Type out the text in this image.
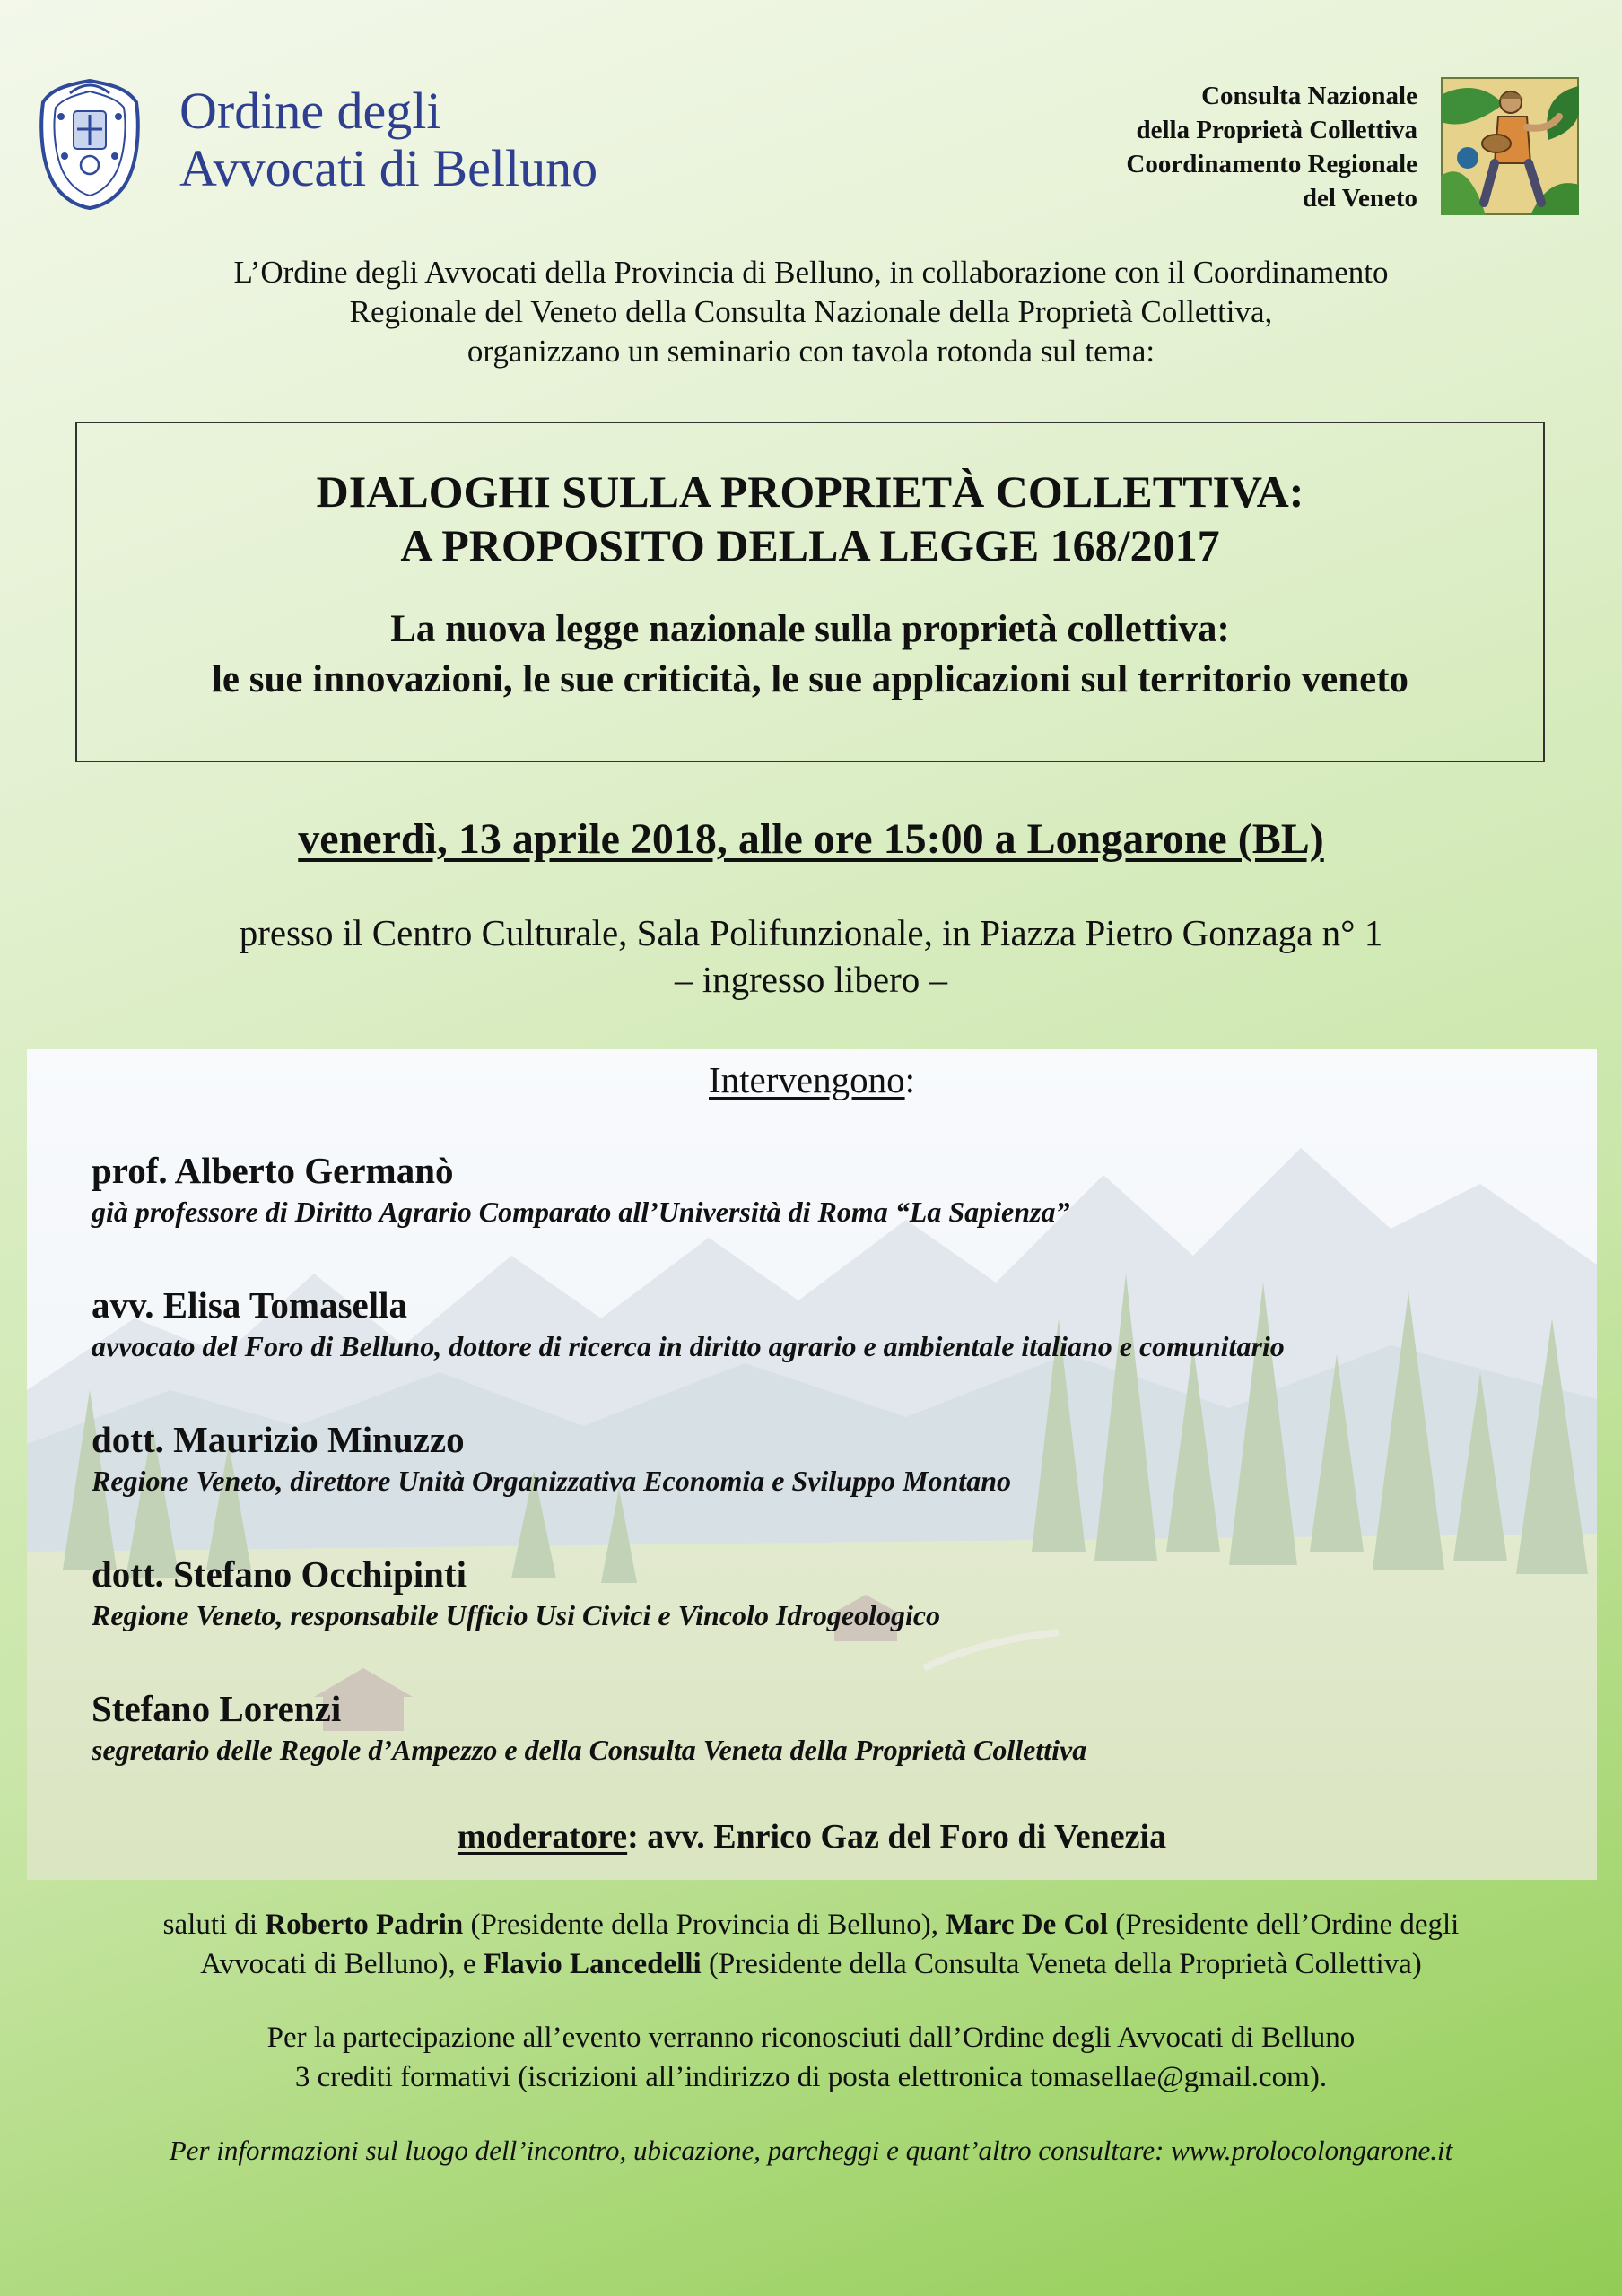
Ordine degli
Avvocati di Belluno
Consulta Nazionale
della Proprietà Collettiva
Coordinamento Regionale
del Veneto
L’Ordine degli Avvocati della Provincia di Belluno, in collaborazione con il Coordinamento
Regionale del Veneto della Consulta Nazionale della Proprietà Collettiva,
organizzano un seminario con tavola rotonda sul tema:
DIALOGHI SULLA PROPRIETÀ COLLETTIVA:
A PROPOSITO DELLA LEGGE 168/2017
La nuova legge nazionale sulla proprietà collettiva:
le sue innovazioni, le sue criticità, le sue applicazioni sul territorio veneto
venerdì, 13 aprile 2018, alle ore 15:00 a Longarone (BL)
presso il Centro Culturale, Sala Polifunzionale, in Piazza Pietro Gonzaga n° 1
– ingresso libero –
Intervengono:
prof. Alberto Germanò
già professore di Diritto Agrario Comparato all’Università di Roma “La Sapienza”
avv. Elisa Tomasella
avvocato del Foro di Belluno, dottore di ricerca in diritto agrario e ambientale italiano e comunitario
dott. Maurizio Minuzzo
Regione Veneto, direttore Unità Organizzativa Economia e Sviluppo Montano
dott. Stefano Occhipinti
Regione Veneto, responsabile Ufficio Usi Civici e Vincolo Idrogeologico
Stefano Lorenzi
segretario delle Regole d’Ampezzo e della Consulta Veneta della Proprietà Collettiva
moderatore: avv. Enrico Gaz del Foro di Venezia
saluti di Roberto Padrin (Presidente della Provincia di Belluno), Marc De Col (Presidente dell’Ordine degli
Avvocati di Belluno), e Flavio Lancedelli (Presidente della Consulta Veneta della Proprietà Collettiva)
Per la partecipazione all’evento verranno riconosciuti dall’Ordine degli Avvocati di Belluno
3 crediti formativi (iscrizioni all’indirizzo di posta elettronica tomasellae@gmail.com).
Per informazioni sul luogo dell’incontro, ubicazione, parcheggi e quant’altro consultare: www.prolocolongarone.it
